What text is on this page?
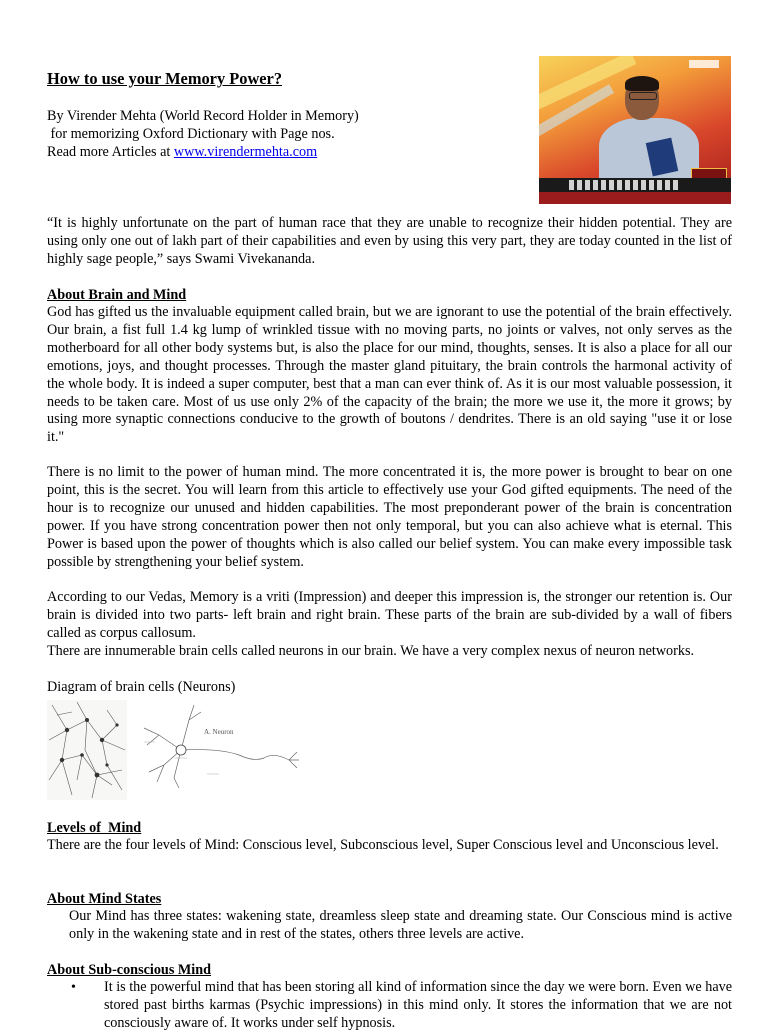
How to use your Memory Power?
By Virender Mehta (World Record Holder in Memory)
for memorizing Oxford Dictionary with Page nos.
Read more Articles at www.virendermehta.com

“It is highly unfortunate on the part of human race that they are unable to recognize their hidden potential. They are using only one out of lakh part of their capabilities and even by using this very part, they are today counted in the list of highly sage people,” says Swami Vivekananda.

About Brain and Mind

God has gifted us the invaluable equipment called brain, but we are ignorant to use the potential of the brain effectively. Our brain, a fist full 1.4 kg lump of wrinkled tissue with no moving parts, no joints or valves, not only serves as the motherboard for all other body systems but, is also the place for our mind, thoughts, senses. It is also a place for all our emotions, joys, and thought processes. Through the master gland pituitary, the brain controls the harmonal activity of the whole body. It is indeed a super computer, best that a man can ever think of. As it is our most valuable possession, it needs to be taken care. Most of us use only 2% of the capacity of the brain; the more we use it, the more it grows; by using more synaptic connections conducive to the growth of boutons / dendrites. There is an old saying "use it or lose it."

There is no limit to the power of human mind. The more concentrated it is, the more power is brought to bear on one point, this is the secret. You will learn from this article to effectively use your God gifted equipments. The need of the hour is to recognize our unused and hidden capabilities. The most preponderant power of the brain is concentration power. If you have strong concentration power then not only temporal, but you can also achieve what is eternal. This Power is based upon the power of thoughts which is also called our belief system. You can make every impossible task possible by strengthening your belief system.

According to our Vedas, Memory is a vriti (Impression) and deeper this impression is, the stronger our retention is. Our brain is divided into two parts- left brain and right brain. These parts of the brain are sub-divided by a wall of fibers called as corpus callosum.

There are innumerable brain cells called neurons in our brain. We have a very complex nexus of neuron networks.

Diagram of brain cells (Neurons)
A. Neuron
Levels of  Mind

There are the four levels of Mind: Conscious level, Subconscious level, Super Conscious level and Unconscious level.

About Mind States

Our Mind has three states: wakening state, dreamless sleep state and dreaming state. Our Conscious mind is active only in the wakening state and in rest of the states, others three levels are active.

About Sub-conscious Mind
• It is the powerful mind that has been storing all kind of information since the day we were born. Even we have stored past births karmas (Psychic impressions) in this mind only. It stores the information that we are not consciously aware of. It works under self hypnosis.
